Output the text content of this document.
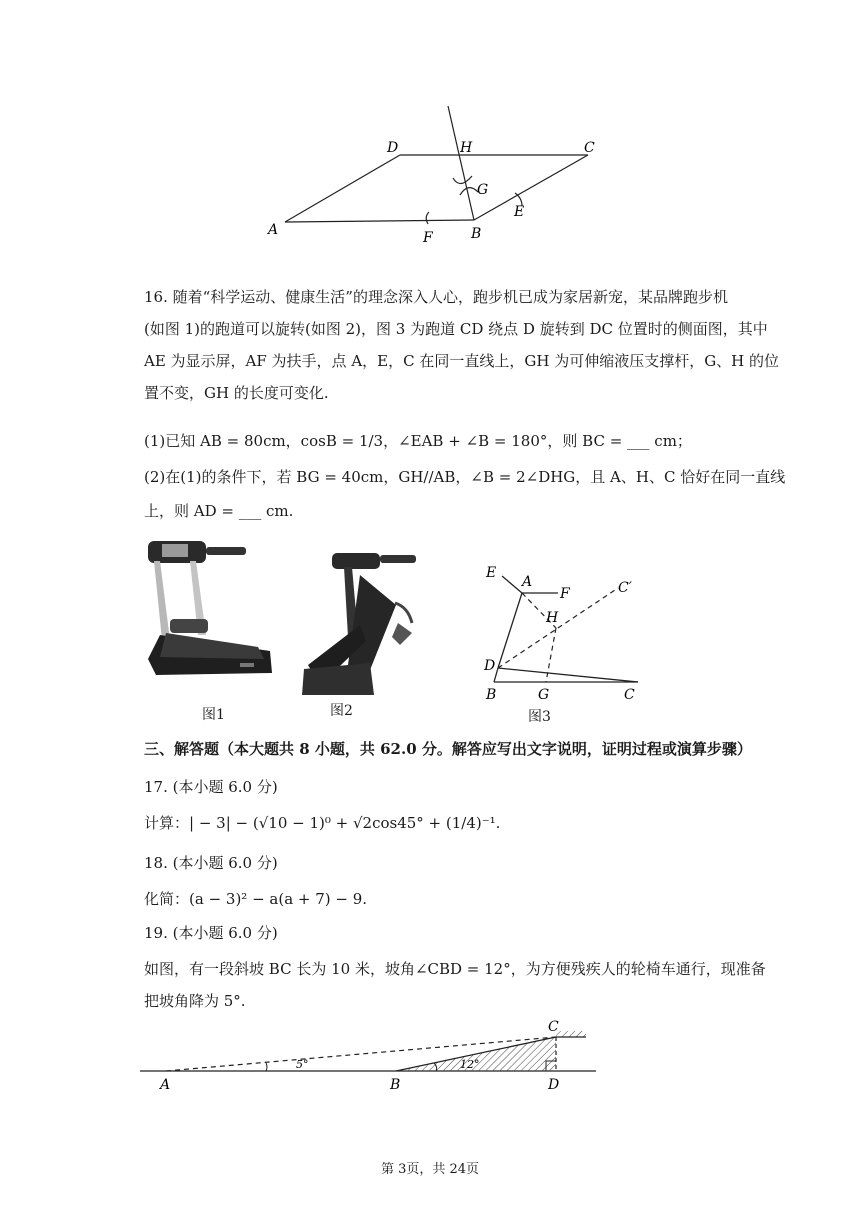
D	H	C
G
E
A	F	B
16. 随着“科学运动、健康生活”的理念深入人心，跑步机已成为家居新宠，某品牌跑步机
(如图 1)的跑道可以旋转(如图 2)，图 3 为跑道 CD 绕点 D 旋转到 DC 位置时的侧面图，其中
AE 为显示屏，AF 为扶手，点 A，E，C 在同一直线上，GH 为可伸缩液压支撑杆，G、H 的位
置不变，GH 的长度可变化.
(1)已知 AB = 80cm，cosB = 1/3，∠EAB + ∠B = 180°，则 BC = ___ cm；
(2)在(1)的条件下，若 BG = 40cm，GH//AB，∠B = 2∠DHG，且 A、H、C 恰好在同一直线
上，则 AD = ___ cm.
图1	图2
E
A
F	C′
H
D
B	G	C
图3
三、解答题（本大题共 8 小题，共 62.0 分。解答应写出文字说明，证明过程或演算步骤）
17. (本小题 6.0 分)
计算：| − 3| − (√10 − 1)⁰ + √2cos45° + (1/4)⁻¹.
18. (本小题 6.0 分)
化简：(a − 3)² − a(a + 7) − 9.
19. (本小题 6.0 分)
如图，有一段斜坡 BC 长为 10 米，坡角∠CBD = 12°，为方便残疾人的轮椅车通行，现准备
把坡角降为 5°.
5°	12°
C
A	B	D
第 3页，共 24页
